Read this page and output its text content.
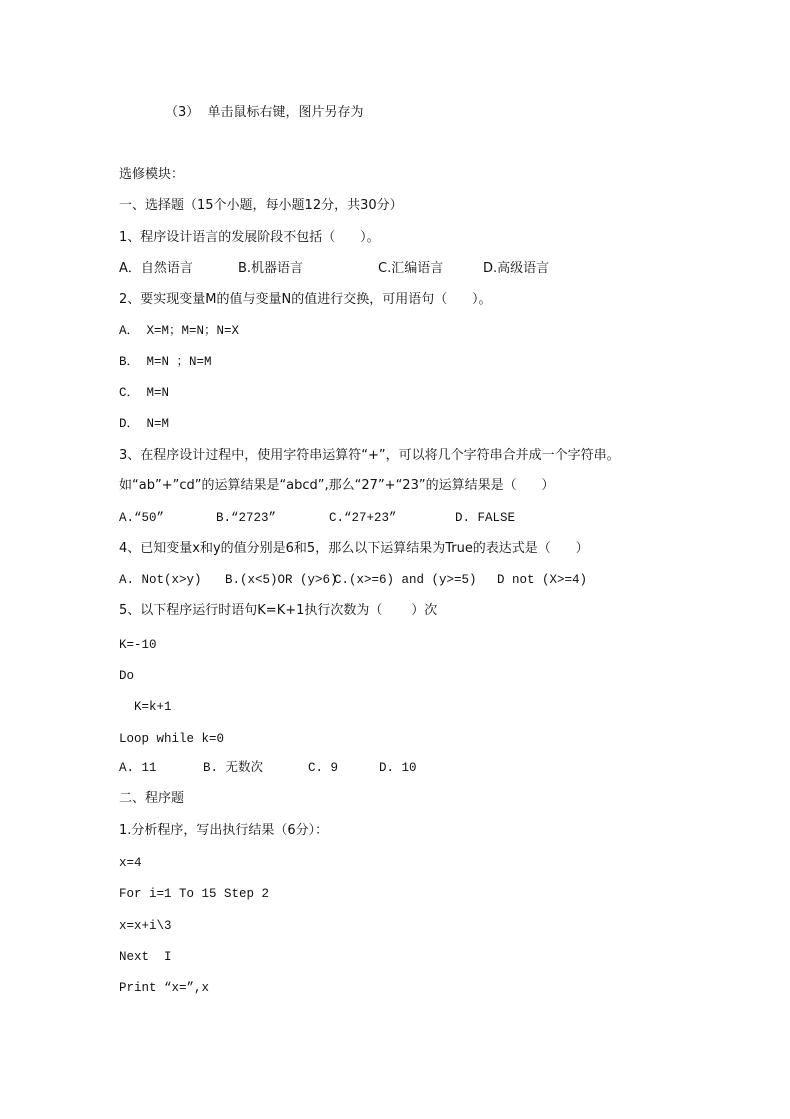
（3）  单击鼠标右键，图片另存为
选修模块：
一、选择题（15个小题，每小题12分，共30分）
1、程序设计语言的发展阶段不包括（      ）。
A．自然语言	B.机器语言	C.汇编语言	D.高级语言
2、要实现变量M的值与变量N的值进行交换，可用语句（      ）。
A． X=M；M=N；N=X
B． M=N ；N=M
C． M=N
D． N=M
3、在程序设计过程中，使用字符串运算符“+”，可以将几个字符串合并成一个字符串。
如“ab”+”cd”的运算结果是“abcd”,那么“27”+“23”的运算结果是（      ）
A.“50”	B.“2723”	C.“27+23”	D. FALSE
4、已知变量x和y的值分别是6和5，那么以下运算结果为True的表达式是（      ）
A. Not(x>y) B.(x<5)OR (y>6)
C.(x>=6) and (y>=5) D not (X>=4)
5、以下程序运行时语句K=K+1执行次数为（       ）次
K=-10
Do
K=k+1
Loop while k=0
A. 11	B. 无数次	C. 9	D. 10
二、程序题
1.分析程序，写出执行结果（6分）：
x=4
For i=1 To 15 Step 2
x=x+i\3
Next  I
Print “x=”,x
